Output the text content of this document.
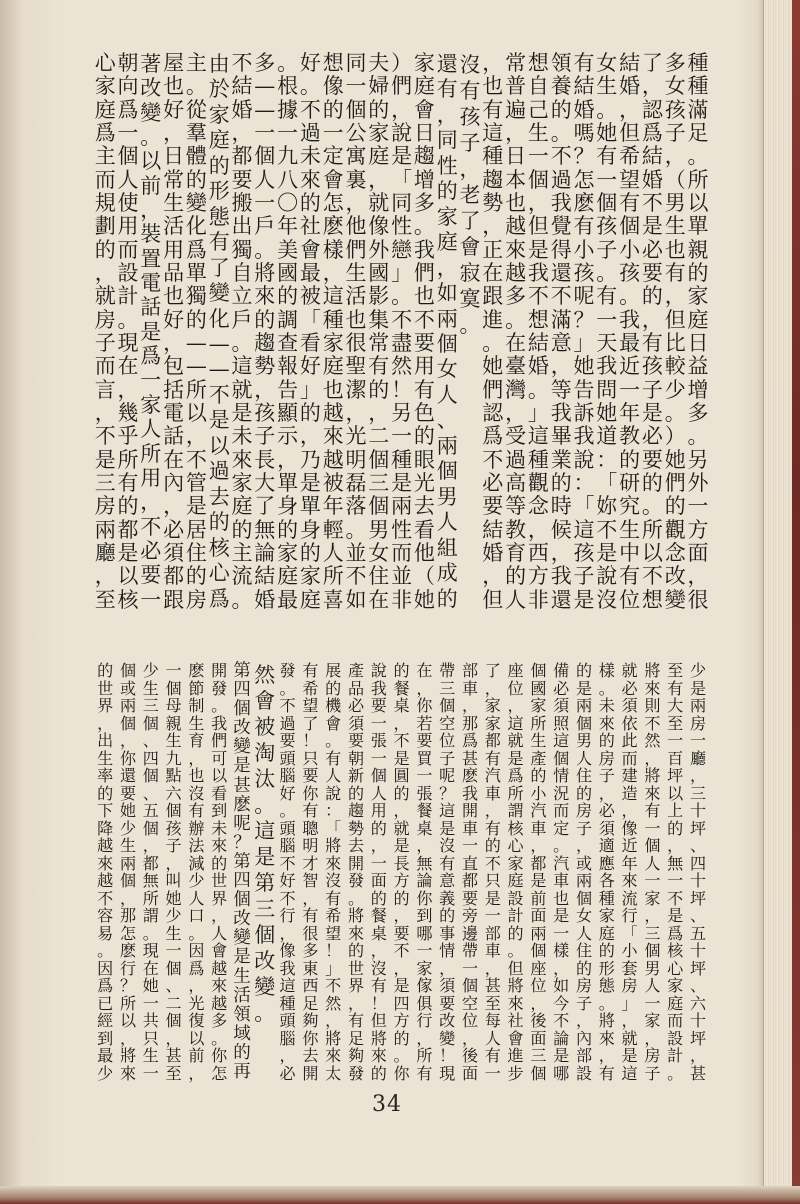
種
種
滿
足
。
所
以
單
親
的
家
庭
日
益
增
多
。
另
外
一
方
面
，
很
多
女
孩
子
，
（
男
生
也
有
，
但
比
較
少
。
）
她
們
的
觀
念
改
變
了
，
認
爲
結
婚
不
是
必
要
的
，
有
孩
子
是
必
要
的
。
所
以
不
想
結
婚
，
但
希
望
有
個
小
孩
。
我
最
近
一
年
教
的
研
究
生
中
有
位
女
生
。
她
有
一
個
孩
子
。
有
一
天
我
問
她
道
：
「
妳
不
是
說
沒
有
結
婚
嗎
？
怎
麽
有
小
孩
呢
？
」
她
告
訴
我
說
：
「
這
孩
子
是
領
養
的
。
不
過
我
覺
得
還
不
滿
意
，
等
我
畢
業
的
時
候
，
我
還
想
自
己
生
一
個
，
但
是
我
不
想
結
婚
。
」
這
種
觀
念
，
西
方
非
常
普
遍
，
日
本
也
越
來
越
多
。
在
臺
灣
，
受
過
高
等
教
育
的
人
，
也
有
這
種
趨
勢
，
正
在
跟
進
。
她
們
認
爲
不
必
要
結
婚
，
但
沒
有
孩
子
，
老
了
會
寂
寞
。
還
有
，
同
性
的
家
庭
，
如
兩
個
女
人
、
兩
個
男
人
組
成
的
家
庭
會
日
趨
增
多
。
我
們
也
不
要
用
有
色
的
眼
光
去
看
他
（
她
）
們
，
說
是
「
同
性
戀
」
。
不
盡
然
！
另
一
種
是
兩
性
而
並
非
夫
婦
的
家
庭
，
就
像
外
國
影
集
常
有
的
，
二
個
三
個
男
女
住
在
同
一
個
公
寓
裏
，
他
們
生
活
也
很
聖
潔
，
光
明
磊
落
。
並
不
如
想
像
的
一
定
會
怎
麽
樣
，
這
種
家
庭
也
越
來
越
被
年
輕
人
所
喜
好
。
不
過
未
來
的
社
會
最
被
「
看
好
」
的
，
乃
是
單
身
的
家
庭
。
根
據
一
九
八
〇
年
美
國
的
調
查
報
告
顯
示
，
單
身
的
家
庭
最
多
—
—
一
個
人
一
戶
。
將
來
的
趨
勢
，
孩
子
長
大
了
無
論
結
婚
不
結
婚
，
都
要
搬
出
獨
自
立
戶
。
這
就
是
未
來
家
庭
的
主
流
。
由
於
家
庭
的
形
態
有
了
變
化
—
—
不
是
以
過
去
的
核
心
爲
主
。
從
羣
體
的
變
化
爲
單
獨
的
—
—
所
以
，
不
管
是
居
住
的
房
屋
也
好
，
日
常
生
活
用
品
也
好
，
包
括
電
話
在
內
，
必
須
都
跟
著
改
變
。
以
前
，
裝
置
電
話
是
爲
一
家
人
所
用
，
不
必
要
一
朝
向
爲
一
個
人
使
用
而
設
計
。
現
在
，
幾
乎
所
有
的
都
是
以
核
心
家
庭
爲
主
而
規
劃
的
，
就
房
子
而
言
，
不
是
三
房
兩
廳
，
至
少
是
兩
房
一
廳
，
三
十
坪
、
四
十
坪
、
五
十
坪
、
六
十
坪
，
甚
至
有
大
至
一
百
坪
以
上
的
，
無
一
不
是
爲
核
心
家
庭
而
設
計
。
將
來
則
不
然
，
將
來
有
一
個
人
一
家
，
三
個
男
人
一
家
，
房
子
就
必
須
依
此
而
建
造
，
像
近
年
來
流
行
「
小
套
房
」
，
就
是
這
樣
。
未
來
的
房
子
，
必
須
適
應
各
種
家
庭
的
形
態
。
將
來
，
有
的
是
兩
個
男
人
住
的
房
子
，
或
兩
個
女
人
住
的
房
子
，
內
部
設
備
必
須
照
這
個
情
況
而
定
。
汽
車
也
是
一
樣
，
如
今
不
論
是
哪
個
國
家
所
生
產
的
小
汽
車
，
都
是
前
面
兩
個
座
位
，
後
面
三
個
座
位
，
這
就
是
爲
所
謂
核
心
家
庭
設
計
的
。
但
將
來
社
會
進
步
了
，
家
家
都
有
汽
車
，
有
的
不
只
是
一
部
車
，
甚
至
每
人
有
一
部
車
，
那
爲
甚
麽
我
開
車
一
直
都
要
旁
邊
帶
一
個
空
位
，
後
面
帶
三
個
空
位
子
呢
？
這
是
沒
有
意
義
的
事
情
，
須
要
改
變
！
現
在
，
你
若
要
買
一
張
餐
桌
，
無
論
你
到
哪
一
家
傢
俱
行
，
所
有
的
餐
桌
，
不
是
圓
的
，
就
是
長
方
的
，
要
不
，
是
四
方
的
。
你
說
我
要
一
張
一
個
人
用
的
，
一
面
的
餐
桌
，
沒
有
！
但
將
來
的
產
品
必
須
要
朝
新
的
趨
勢
去
開
發
。
將
來
的
世
界
，
有
足
夠
發
展
的
機
會
。
有
人
說
：
「
將
來
沒
有
希
望
！
」
不
然
，
將
來
太
有
希
望
了
！
只
要
你
有
聰
明
才
智
，
有
很
多
東
西
足
夠
你
去
開
發
。
不
過
要
頭
腦
好
。
頭
腦
不
好
不
行
，
像
我
這
種
頭
腦
，
必
然
會
被
淘
汰
。
這
是
第
三
個
改
變
。
第
四
個
改
變
是
甚
麽
呢
？
第
四
個
改
變
是
生
活
領
域
的
再
開
發
。
我
們
可
以
看
到
未
來
的
世
界
，
人
會
越
來
越
多
。
你
怎
麽
節
制
生
育
，
也
沒
有
辦
法
減
少
人
口
。
因
爲
，
光
復
以
前
，
一
個
母
親
生
九
點
六
個
孩
子
，
叫
她
少
生
一
個
、
二
個
，
甚
至
少
生
三
個
、
四
個
、
五
個
，
都
無
所
謂
。
現
在
她
一
共
只
生
一
個
或
兩
個
，
你
還
要
她
少
生
兩
個
，
那
怎
麽
行
？
所
以
，
將
來
的
世
界
，
出
生
率
的
下
降
越
來
越
不
容
易
。
因
爲
已
經
到
最
少
34
